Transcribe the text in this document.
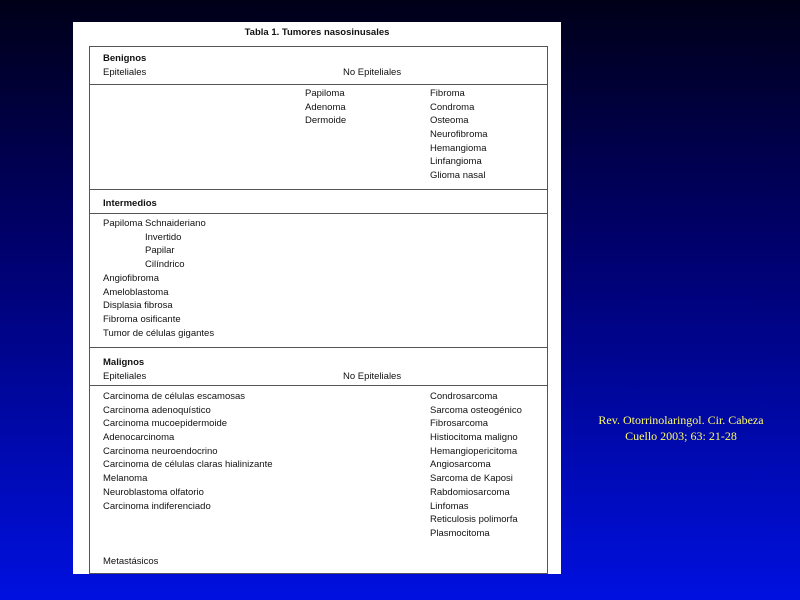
Tabla 1. Tumores nasosinusales
Benignos
Epiteliales	No Epiteliales
Papiloma
Adenoma
Dermoide
Fibroma
Condroma
Osteoma
Neurofibroma
Hemangioma
Linfangioma
Glioma nasal
Intermedios
Papiloma Schnaideriano
Invertido
Papilar
Cilíndrico
Angiofibroma
Ameloblastoma
Displasia fibrosa
Fibroma osificante
Tumor de células gigantes
Malignos
Epiteliales	No Epiteliales
Carcinoma de células escamosas
Carcinoma adenoquístico
Carcinoma mucoepidermoide
Adenocarcinoma
Carcinoma neuroendocrino
Carcinoma de células claras hialinizante
Melanoma
Neuroblastoma olfatorio
Carcinoma indiferenciado
Condrosarcoma
Sarcoma osteogénico
Fibrosarcoma
Histiocitoma maligno
Hemangiopericitoma
Angiosarcoma
Sarcoma de Kaposi
Rabdomiosarcoma
Linfomas
Reticulosis polimorfa
Plasmocitoma
Metastásicos
Rev. Otorrinolaringol. Cir. Cabeza
Cuello 2003; 63: 21-28
